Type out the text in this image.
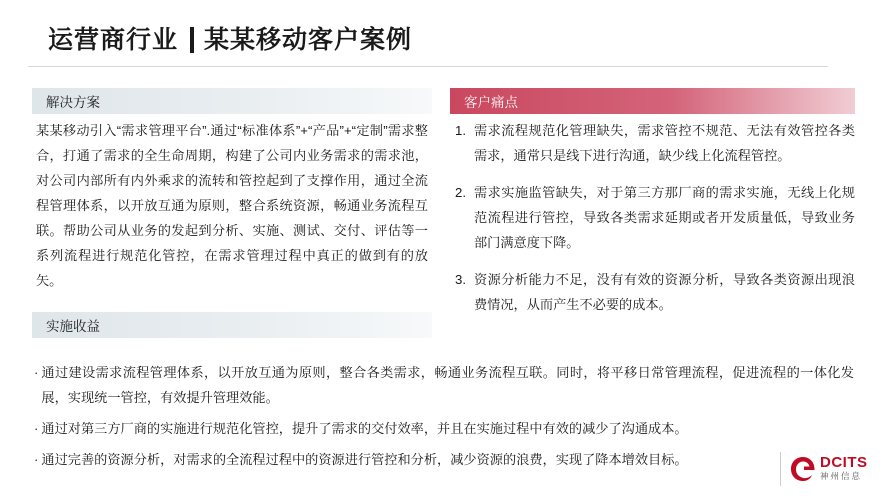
运营商行业 某某移动客户案例
解决方案
某某移动引入“需求管理平台”.通过“标准体系”+“产品”+“定制”需求整合，打通了需求的全生命周期，构建了公司内业务需求的需求池，对公司内部所有内外乘求的流转和管控起到了支撑作用，通过全流程管理体系，以开放互通为原则，整合系统资源，畅通业务流程互联。帮助公司从业务的发起到分析、实施、测试、交付、评估等一系列流程进行规范化管控，在需求管理过程中真正的做到有的放矢。
客户痛点
1. 需求流程规范化管理缺失，需求管控不规范、无法有效管控各类需求，通常只是线下进行沟通，缺少线上化流程管控。
2. 需求实施监管缺失，对于第三方那厂商的需求实施，无线上化规范流程进行管控，导致各类需求延期或者开发质量低，导致业务部门满意度下降。
3. 资源分析能力不足，没有有效的资源分析，导致各类资源出现浪费情况，从而产生不必要的成本。
实施收益
· 通过建设需求流程管理体系，以开放互通为原则，整合各类需求，畅通业务流程互联。同时，将平移日常管理流程，促进流程的一体化发展，实现统一管控，有效提升管理效能。
· 通过对第三方厂商的实施进行规范化管控，提升了需求的交付效率，并且在实施过程中有效的减少了沟通成本。
· 通过完善的资源分析，对需求的全流程过程中的资源进行管控和分析，减少资源的浪费，实现了降本增效目标。	DCITS
神州信息
